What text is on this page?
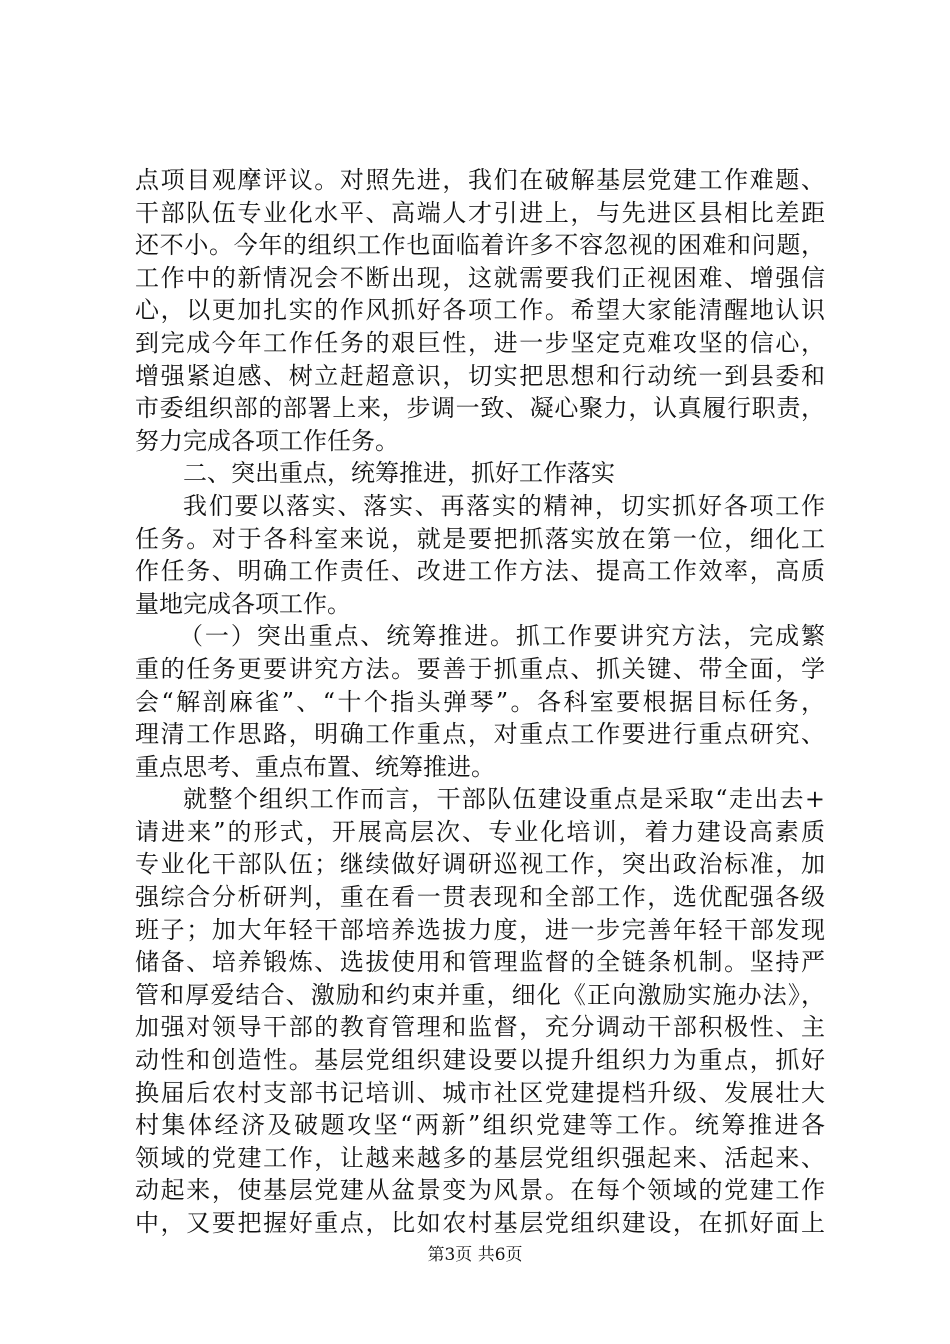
点项目观摩评议。对照先进，我们在破解基层党建工作难题、
干部队伍专业化水平、高端人才引进上，与先进区县相比差距
还不小。今年的组织工作也面临着许多不容忽视的困难和问题，
工作中的新情况会不断出现，这就需要我们正视困难、增强信
心，以更加扎实的作风抓好各项工作。希望大家能清醒地认识
到完成今年工作任务的艰巨性，进一步坚定克难攻坚的信心，
增强紧迫感、树立赶超意识，切实把思想和行动统一到县委和
市委组织部的部署上来，步调一致、凝心聚力，认真履行职责，
努力完成各项工作任务。
二、突出重点，统筹推进，抓好工作落实
我们要以落实、落实、再落实的精神，切实抓好各项工作
任务。对于各科室来说，就是要把抓落实放在第一位，细化工
作任务、明确工作责任、改进工作方法、提高工作效率，高质
量地完成各项工作。
（一）突出重点、统筹推进。抓工作要讲究方法，完成繁
重的任务更要讲究方法。要善于抓重点、抓关键、带全面，学
会“解剖麻雀”、“十个指头弹琴”。各科室要根据目标任务，
理清工作思路，明确工作重点，对重点工作要进行重点研究、
重点思考、重点布置、统筹推进。
就整个组织工作而言，干部队伍建设重点是采取“走出去+
请进来”的形式，开展高层次、专业化培训，着力建设高素质
专业化干部队伍；继续做好调研巡视工作，突出政治标准，加
强综合分析研判，重在看一贯表现和全部工作，选优配强各级
班子；加大年轻干部培养选拔力度，进一步完善年轻干部发现
储备、培养锻炼、选拔使用和管理监督的全链条机制。坚持严
管和厚爱结合、激励和约束并重，细化《正向激励实施办法》，
加强对领导干部的教育管理和监督，充分调动干部积极性、主
动性和创造性。基层党组织建设要以提升组织力为重点，抓好
换届后农村支部书记培训、城市社区党建提档升级、发展壮大
村集体经济及破题攻坚“两新”组织党建等工作。统筹推进各
领域的党建工作，让越来越多的基层党组织强起来、活起来、
动起来，使基层党建从盆景变为风景。在每个领域的党建工作
中，又要把握好重点，比如农村基层党组织建设，在抓好面上
第3页 共6页
